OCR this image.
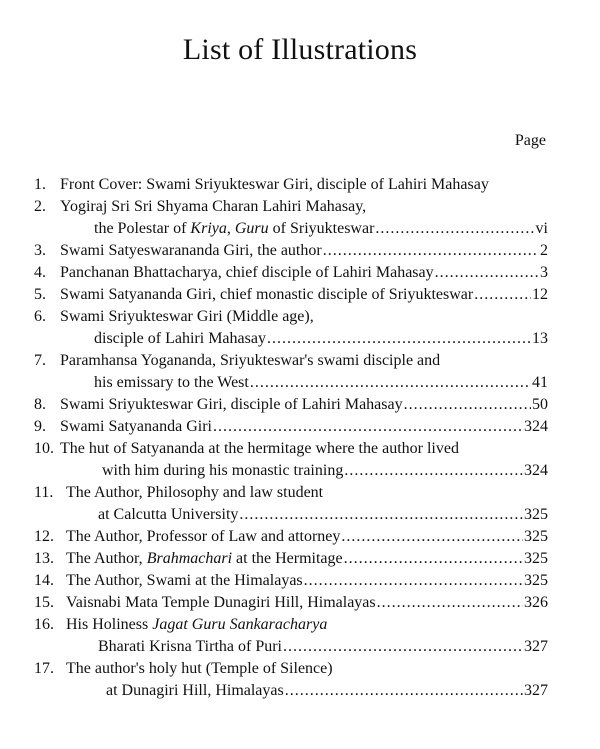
List of Illustrations
Page
1. Front Cover: Swami Sriyukteswar Giri, disciple of Lahiri Mahasay
2. Yogiraj Sri Sri Shyama Charan Lahiri Mahasay,
the Polestar of Kriya, Guru of Sriyukteswar .....	vi
3. Swami Satyeswarananda Giri, the author .....	2
4. Panchanan Bhattacharya, chief disciple of Lahiri Mahasay .....	3
5. Swami Satyananda Giri, chief monastic disciple of Sriyukteswar .....	12
6. Swami Sriyukteswar Giri (Middle age),
disciple of Lahiri Mahasay .....	13
7. Paramhansa Yogananda, Sriyukteswar's swami disciple and
his emissary to the West .....	41
8. Swami Sriyukteswar Giri, disciple of Lahiri Mahasay .....	50
9. Swami Satyananda Giri .....	324
10. The hut of Satyananda at the hermitage where the author lived
with him during his monastic training .....	324
11. The Author, Philosophy and law student
at Calcutta University .....	325
12. The Author, Professor of Law and attorney .....	325
13. The Author, Brahmachari at the Hermitage .....	325
14. The Author, Swami at the Himalayas .....	325
15. Vaisnabi Mata Temple Dunagiri Hill, Himalayas .....	326
16. His Holiness Jagat Guru Sankaracharya
Bharati Krisna Tirtha of Puri .....	327
17. The author's holy hut (Temple of Silence)
at Dunagiri Hill, Himalayas .....	327
